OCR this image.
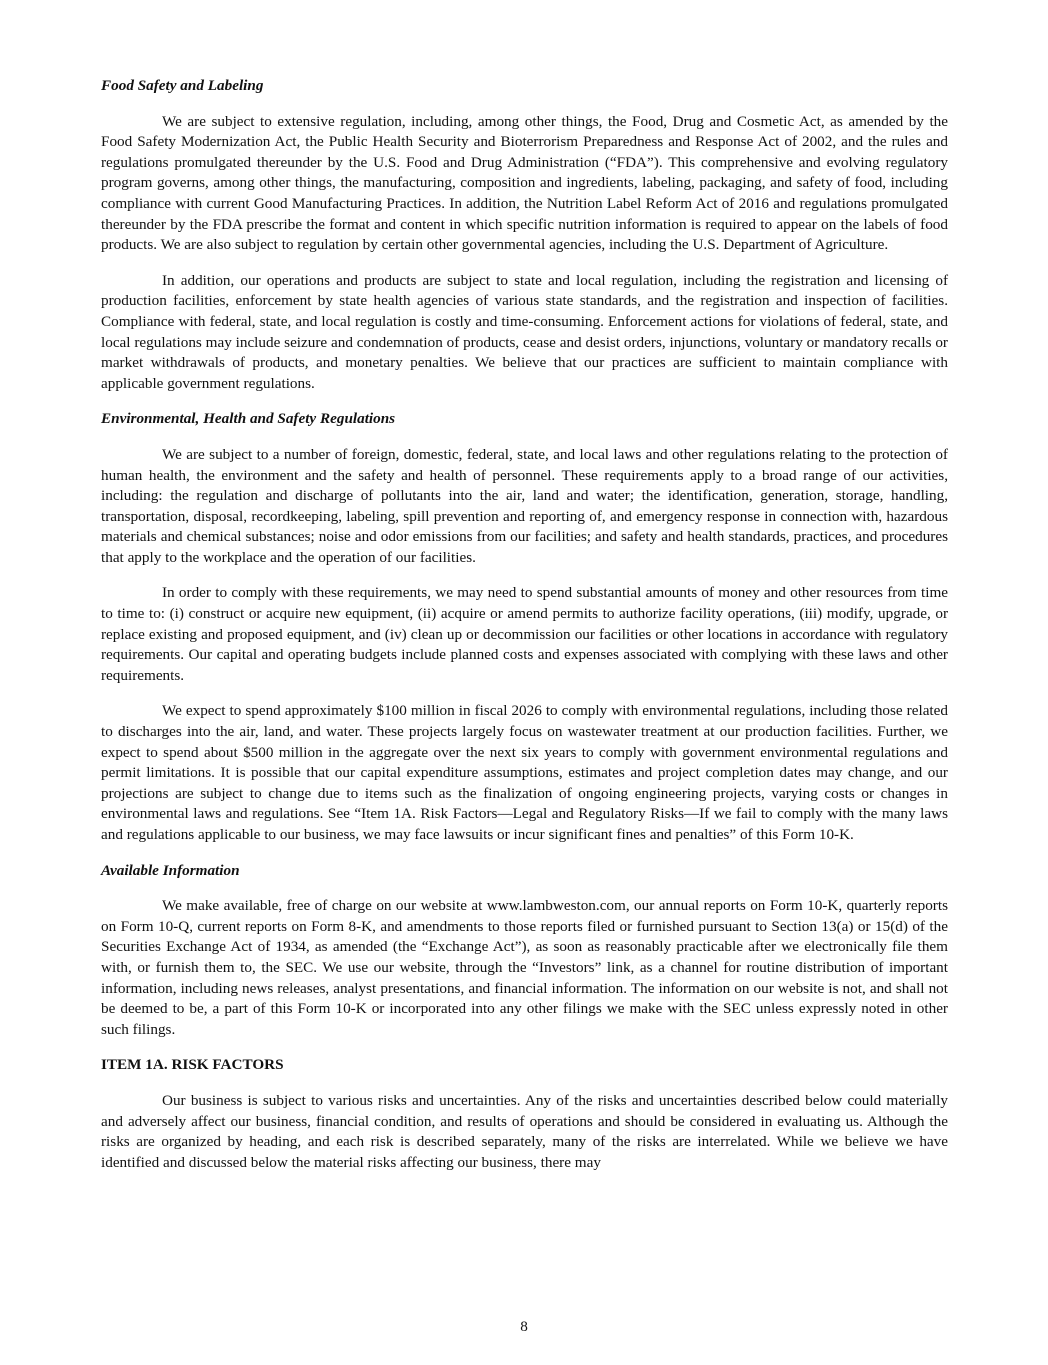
Food Safety and Labeling

We are subject to extensive regulation, including, among other things, the Food, Drug and Cosmetic Act, as amended by the Food Safety Modernization Act, the Public Health Security and Bioterrorism Preparedness and Response Act of 2002, and the rules and regulations promulgated thereunder by the U.S. Food and Drug Administration (“FDA”). This comprehensive and evolving regulatory program governs, among other things, the manufacturing, composition and ingredients, labeling, packaging, and safety of food, including compliance with current Good Manufacturing Practices. In addition, the Nutrition Label Reform Act of 2016 and regulations promulgated thereunder by the FDA prescribe the format and content in which specific nutrition information is required to appear on the labels of food products. We are also subject to regulation by certain other governmental agencies, including the U.S. Department of Agriculture.

In addition, our operations and products are subject to state and local regulation, including the registration and licensing of production facilities, enforcement by state health agencies of various state standards, and the registration and inspection of facilities. Compliance with federal, state, and local regulation is costly and time-consuming. Enforcement actions for violations of federal, state, and local regulations may include seizure and condemnation of products, cease and desist orders, injunctions, voluntary or mandatory recalls or market withdrawals of products, and monetary penalties. We believe that our practices are sufficient to maintain compliance with applicable government regulations.

Environmental, Health and Safety Regulations

We are subject to a number of foreign, domestic, federal, state, and local laws and other regulations relating to the protection of human health, the environment and the safety and health of personnel. These requirements apply to a broad range of our activities, including: the regulation and discharge of pollutants into the air, land and water; the identification, generation, storage, handling, transportation, disposal, recordkeeping, labeling, spill prevention and reporting of, and emergency response in connection with, hazardous materials and chemical substances; noise and odor emissions from our facilities; and safety and health standards, practices, and procedures that apply to the workplace and the operation of our facilities.

In order to comply with these requirements, we may need to spend substantial amounts of money and other resources from time to time to: (i) construct or acquire new equipment, (ii) acquire or amend permits to authorize facility operations, (iii) modify, upgrade, or replace existing and proposed equipment, and (iv) clean up or decommission our facilities or other locations in accordance with regulatory requirements. Our capital and operating budgets include planned costs and expenses associated with complying with these laws and other requirements.

We expect to spend approximately $100 million in fiscal 2026 to comply with environmental regulations, including those related to discharges into the air, land, and water. These projects largely focus on wastewater treatment at our production facilities. Further, we expect to spend about $500 million in the aggregate over the next six years to comply with government environmental regulations and permit limitations. It is possible that our capital expenditure assumptions, estimates and project completion dates may change, and our projections are subject to change due to items such as the finalization of ongoing engineering projects, varying costs or changes in environmental laws and regulations. See “Item 1A. Risk Factors—Legal and Regulatory Risks—If we fail to comply with the many laws and regulations applicable to our business, we may face lawsuits or incur significant fines and penalties” of this Form 10-K.

Available Information

We make available, free of charge on our website at www.lambweston.com, our annual reports on Form 10-K, quarterly reports on Form 10-Q, current reports on Form 8-K, and amendments to those reports filed or furnished pursuant to Section 13(a) or 15(d) of the Securities Exchange Act of 1934, as amended (the “Exchange Act”), as soon as reasonably practicable after we electronically file them with, or furnish them to, the SEC. We use our website, through the “Investors” link, as a channel for routine distribution of important information, including news releases, analyst presentations, and financial information. The information on our website is not, and shall not be deemed to be, a part of this Form 10-K or incorporated into any other filings we make with the SEC unless expressly noted in other such filings.

ITEM 1A. RISK FACTORS

Our business is subject to various risks and uncertainties. Any of the risks and uncertainties described below could materially and adversely affect our business, financial condition, and results of operations and should be considered in evaluating us. Although the risks are organized by heading, and each risk is described separately, many of the risks are interrelated. While we believe we have identified and discussed below the material risks affecting our business, there may

8
